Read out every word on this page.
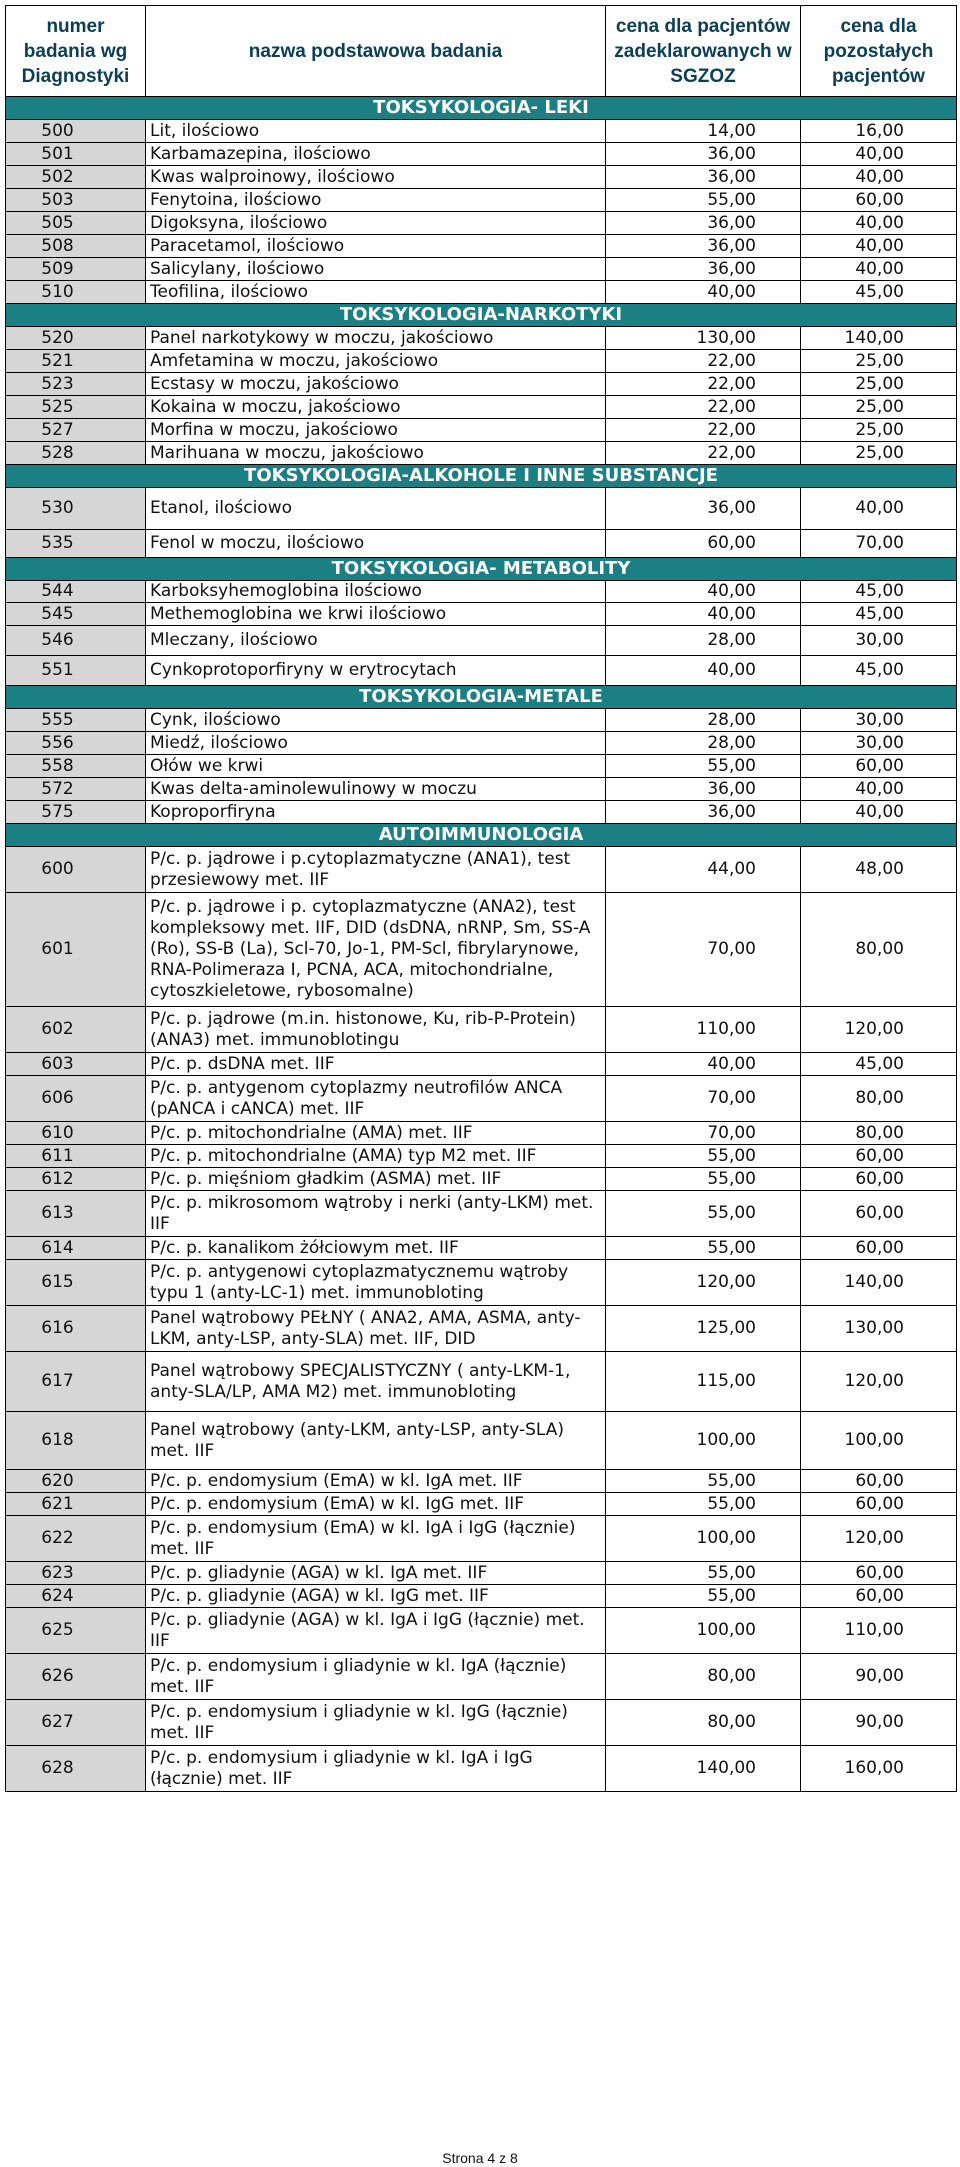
numer badania wg Diagnostyki	nazwa podstawowa badania	cena dla pacjentów zadeklarowanych w SGZOZ	cena dla pozostałych pacjentów
TOKSYKOLOGIA- LEKI			
500	Lit, ilościowo	14,00	16,00
501	Karbamazepina, ilościowo	36,00	40,00
502	Kwas walproinowy, ilościowo	36,00	40,00
503	Fenytoina, ilościowo	55,00	60,00
505	Digoksyna, ilościowo	36,00	40,00
508	Paracetamol, ilościowo	36,00	40,00
509	Salicylany, ilościowo	36,00	40,00
510	Teofilina, ilościowo	40,00	45,00
TOKSYKOLOGIA-NARKOTYKI			
520	Panel narkotykowy w moczu, jakościowo	130,00	140,00
521	Amfetamina w moczu, jakościowo	22,00	25,00
523	Ecstasy w moczu, jakościowo	22,00	25,00
525	Kokaina w moczu, jakościowo	22,00	25,00
527	Morfina w moczu, jakościowo	22,00	25,00
528	Marihuana w moczu, jakościowo	22,00	25,00
TOKSYKOLOGIA-ALKOHOLE I INNE SUBSTANCJE			
530	Etanol, ilościowo	36,00	40,00
535	Fenol w moczu, ilościowo	60,00	70,00
TOKSYKOLOGIA- METABOLITY			
544	Karboksyhemoglobina ilościowo	40,00	45,00
545	Methemoglobina we krwi ilościowo	40,00	45,00
546	Mleczany, ilościowo	28,00	30,00
551	Cynkoprotoporfiryny w erytrocytach	40,00	45,00
TOKSYKOLOGIA-METALE			
555	Cynk, ilościowo	28,00	30,00
556	Miedź, ilościowo	28,00	30,00
558	Ołów we krwi	55,00	60,00
572	Kwas delta-aminolewulinowy w moczu	36,00	40,00
575	Koproporfiryna	36,00	40,00
AUTOIMMUNOLOGIA			
600	P/c. p. jądrowe i p.cytoplazmatyczne (ANA1), test przesiewowy met. IIF	44,00	48,00
601	P/c. p. jądrowe i p. cytoplazmatyczne (ANA2), test kompleksowy met. IIF, DID (dsDNA, nRNP, Sm, SS-A (Ro), SS-B (La), Scl-70, Jo-1, PM-Scl, fibrylarynowe, RNA-Polimeraza I, PCNA, ACA, mitochondrialne, cytoszkieletowe, rybosomalne)	70,00	80,00
602	P/c. p. jądrowe (m.in. histonowe, Ku, rib-P-Protein) (ANA3) met. immunoblotingu	110,00	120,00
603	P/c. p. dsDNA met. IIF	40,00	45,00
606	P/c. p. antygenom cytoplazmy neutrofilów ANCA (pANCA i cANCA) met. IIF	70,00	80,00
610	P/c. p. mitochondrialne (AMA) met. IIF	70,00	80,00
611	P/c. p. mitochondrialne (AMA) typ M2 met. IIF	55,00	60,00
612	P/c. p. mięśniom gładkim (ASMA) met. IIF	55,00	60,00
613	P/c. p. mikrosomom wątroby i nerki (anty-LKM) met. IIF	55,00	60,00
614	P/c. p. kanalikom żółciowym met. IIF	55,00	60,00
615	P/c. p. antygenowi cytoplazmatycznemu wątroby typu 1 (anty-LC-1) met. immunobloting	120,00	140,00
616	Panel wątrobowy PEŁNY ( ANA2, AMA, ASMA, anty-LKM, anty-LSP, anty-SLA) met. IIF, DID	125,00	130,00
617	Panel wątrobowy SPECJALISTYCZNY ( anty-LKM-1, anty-SLA/LP, AMA M2) met. immunobloting	115,00	120,00
618	Panel wątrobowy (anty-LKM, anty-LSP, anty-SLA) met. IIF	100,00	100,00
620	P/c. p. endomysium (EmA) w kl. IgA met. IIF	55,00	60,00
621	P/c. p. endomysium (EmA) w kl. IgG met. IIF	55,00	60,00
622	P/c. p. endomysium (EmA) w kl. IgA i IgG (łącznie) met. IIF	100,00	120,00
623	P/c. p. gliadynie (AGA) w kl. IgA met. IIF	55,00	60,00
624	P/c. p. gliadynie (AGA) w kl. IgG met. IIF	55,00	60,00
625	P/c. p. gliadynie (AGA) w kl. IgA i IgG (łącznie) met. IIF	100,00	110,00
626	P/c. p. endomysium i gliadynie w kl. IgA (łącznie) met. IIF	80,00	90,00
627	P/c. p. endomysium i gliadynie w kl. IgG (łącznie) met. IIF	80,00	90,00
628	P/c. p. endomysium i gliadynie w kl. IgA i IgG (łącznie) met. IIF	140,00	160,00
Strona 4 z 8
